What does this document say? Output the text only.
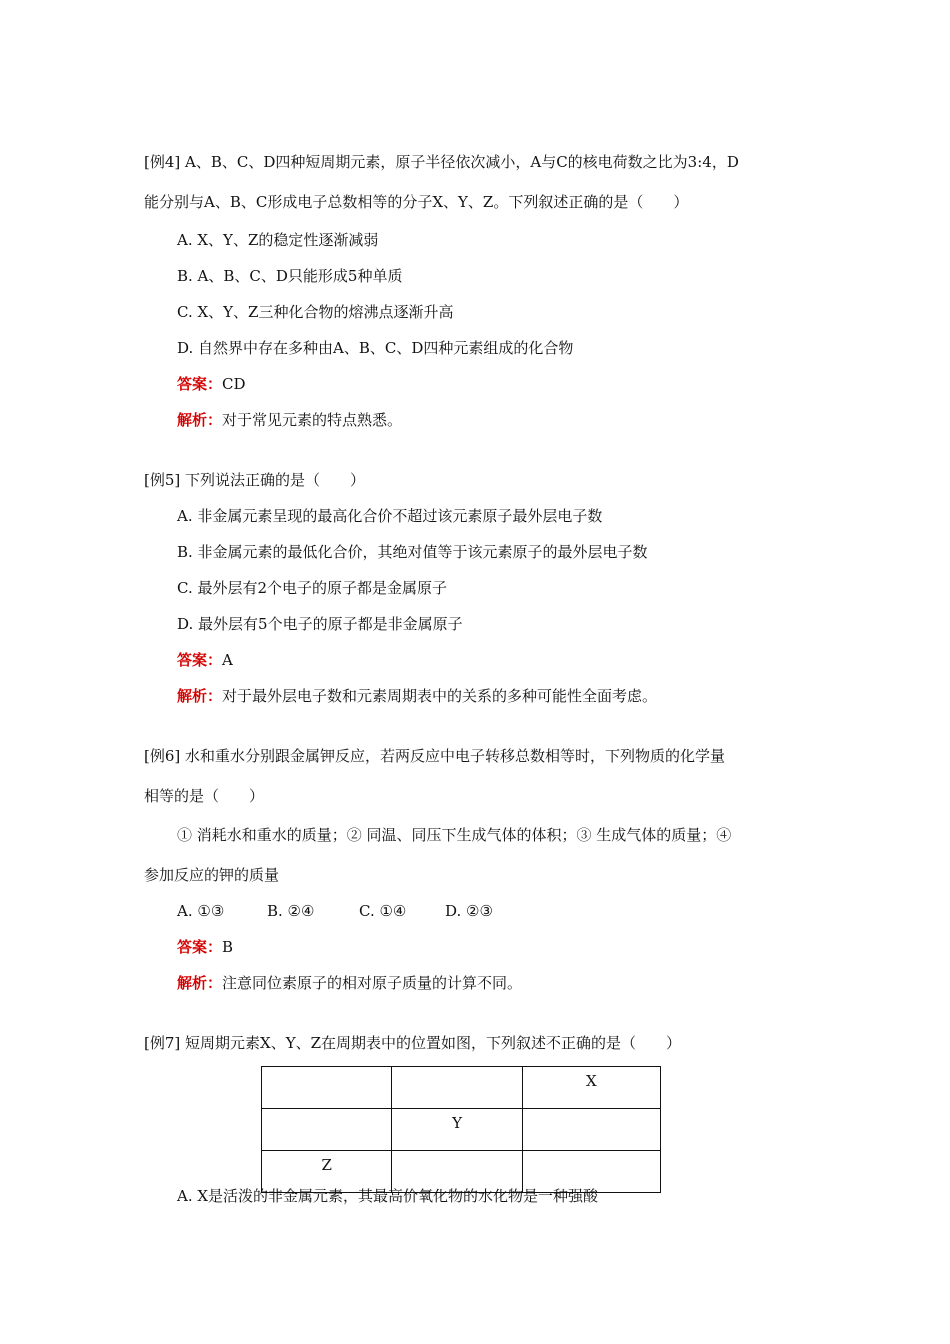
[例4] A、B、C、D四种短周期元素，原子半径依次减小，A与C的核电荷数之比为3:4，D
能分别与A、B、C形成电子总数相等的分子X、Y、Z。下列叙述正确的是（　　）
A. X、Y、Z的稳定性逐渐减弱
B. A、B、C、D只能形成5种单质
C. X、Y、Z三种化合物的熔沸点逐渐升高
D. 自然界中存在多种由A、B、C、D四种元素组成的化合物
答案：CD
解析：对于常见元素的特点熟悉。
[例5] 下列说法正确的是（　　）
A. 非金属元素呈现的最高化合价不超过该元素原子最外层电子数
B. 非金属元素的最低化合价，其绝对值等于该元素原子的最外层电子数
C. 最外层有2个电子的原子都是金属原子
D. 最外层有5个电子的原子都是非金属原子
答案：A
解析：对于最外层电子数和元素周期表中的关系的多种可能性全面考虑。
[例6] 水和重水分别跟金属钾反应，若两反应中电子转移总数相等时，下列物质的化学量
相等的是（　　）
① 消耗水和重水的质量；② 同温、同压下生成气体的体积；③ 生成气体的质量；④
参加反应的钾的质量
A. ①③	B. ②④	C. ①④	D. ②③
答案：B
解析：注意同位素原子的相对原子质量的计算不同。
[例7] 短周期元素X、Y、Z在周期表中的位置如图，下列叙述不正确的是（　　）
		X
	Y	
Z		
A. X是活泼的非金属元素，其最高价氧化物的水化物是一种强酸
